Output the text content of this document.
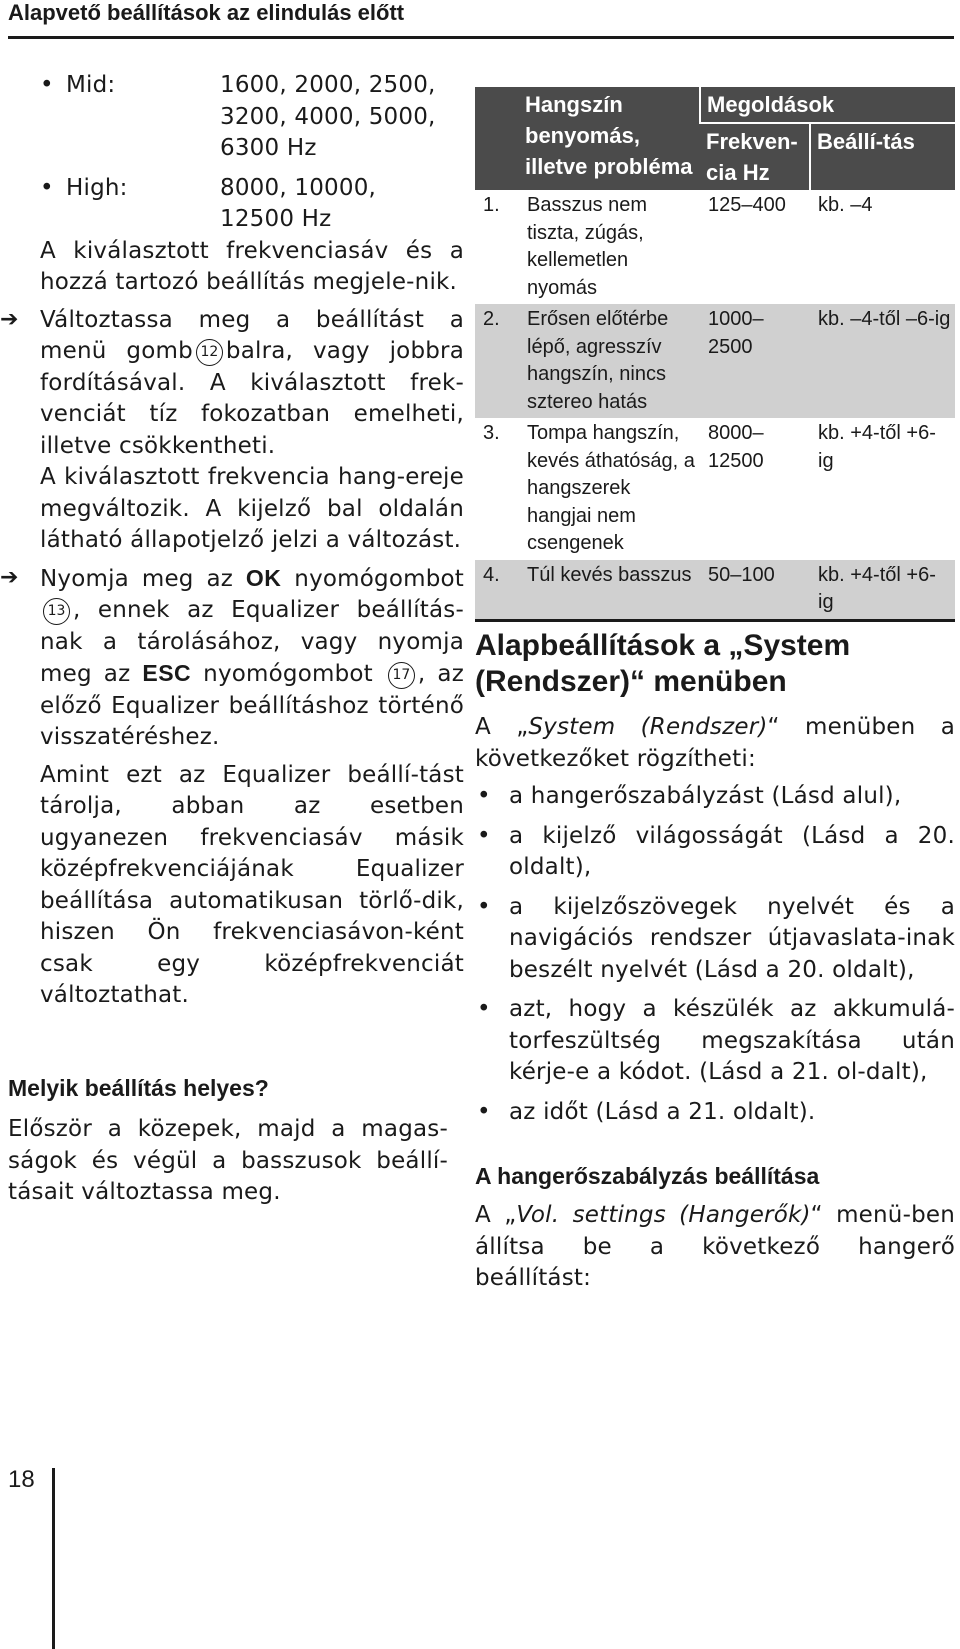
Alapvető beállítások az elindulás előtt
• Mid:	1600, 2000, 2500,

3200, 4000, 5000,

6300 Hz

• High:	8000, 10000,

12500 Hz

A kiválasztott frekvenciasáv és a hozzá tartozó beállítás megjele-nik.

➔ Változtassa meg a beállítást a menü gomb 12 balra, vagy jobbra fordításával. A kiválasztott frek-venciát tíz fokozatban emelheti, illetve csökkentheti.

A kiválasztott frekvencia hang-ereje megváltozik. A kijelző bal oldalán látható állapotjelző jelzi a változást.

➔ Nyomja meg az OK nyomógombot 13 , ennek az Equalizer beállítás-nak a tárolásához, vagy nyomja meg az ESC nyomógombot 17 , az előző Equalizer beállításhoz történő visszatéréshez.

Amint ezt az Equalizer beállí-tást tárolja, abban az esetben ugyanezen frekvenciasáv másik középfrekvenciájának Equalizer beállítása automatikusan törlő-dik, hiszen Ön frekvenciasávon-ként csak egy középfrekvenciát változtathat.

Melyik beállítás helyes?

Először a közepek, majd a magas-ságok és végül a basszusok beállí-tásait változtassa meg.

Hangszín benyomás, illetve probléma		Megoldások	
		Frekven-cia Hz	Beállí-tás
1.	Basszus nem tiszta, zúgás, kellemetlen nyomás	125–400	kb. –4
2.	Erősen előtérbe lépő, agresszív hangszín, nincs sztereo hatás	1000–2500	kb. –4-től –6-ig
3.	Tompa hangszín, kevés áthatóság, a hangszerek hangjai nem csengenek	8000–12500	kb. +4-től +6-ig
4.	Túl kevés basszus	50–100	kb. +4-től +6-ig

Alapbeállítások a „System

(Rendszer)“ menüben

A „System (Rendszer)“ menüben a következőket rögzítheti:

• a hangerőszabályzást (Lásd alul),

• a kijelző világosságát (Lásd a 20. oldalt),

• a kijelzőszövegek nyelvét és a navigációs rendszer útjavaslata-inak beszélt nyelvét (Lásd a 20. oldalt),

• azt, hogy a készülék az akkumulá-torfeszültség megszakítása után kérje-e a kódot. (Lásd a 21. ol-dalt),

• az időt (Lásd a 21. oldalt).

A hangerőszabályzás beállítása

A „Vol. settings (Hangerők)“ menü-ben állítsa be a következő hangerő beállítást:

18
